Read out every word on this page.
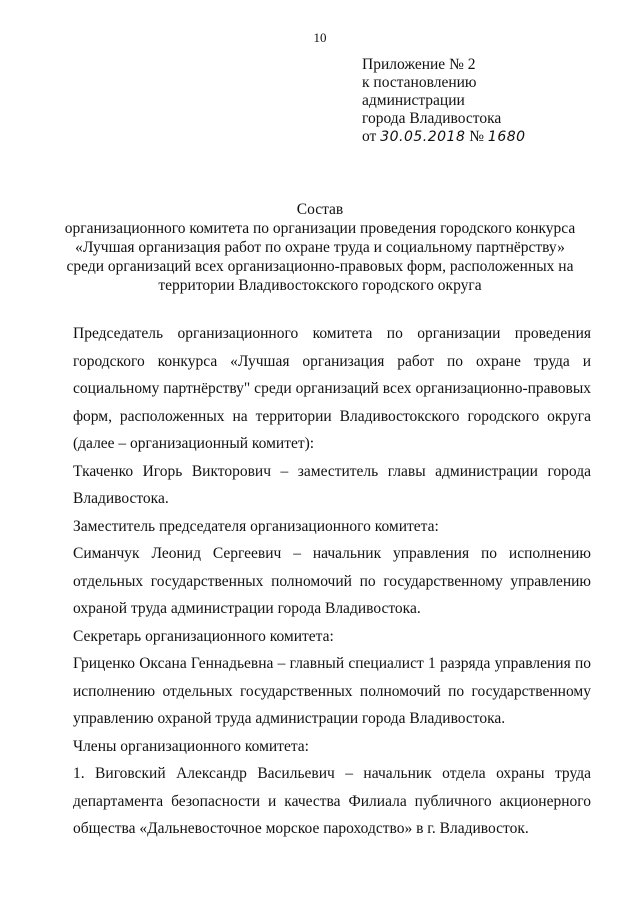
10
Приложение № 2
к постановлению
администрации
города Владивостока
от 30.05.2018 № 1680
Состав
организационного комитета по организации проведения городского конкурса
«Лучшая организация работ по охране труда и социальному партнёрству»
среди организаций всех организационно-правовых форм, расположенных на
территории Владивостокского городского округа

Председатель организационного комитета по организации проведения городского конкурса «Лучшая организация работ по охране труда и социальному партнёрству" среди организаций всех организационно-правовых форм, расположенных на территории Владивостокского городского округа (далее – организационный комитет):

Ткаченко Игорь Викторович – заместитель главы администрации города Владивостока.

Заместитель председателя организационного комитета:

Симанчук Леонид Сергеевич – начальник управления по исполнению отдельных государственных полномочий по государственному управлению охраной труда администрации города Владивостока.

Секретарь организационного комитета:

Гриценко Оксана Геннадьевна – главный специалист 1 разряда управления по исполнению отдельных государственных полномочий по государственному управлению охраной труда администрации города Владивостока.

Члены организационного комитета:

1. Виговский Александр Васильевич – начальник отдела охраны труда департамента безопасности и качества Филиала публичного акционерного общества «Дальневосточное морское пароходство» в г. Владивосток.
